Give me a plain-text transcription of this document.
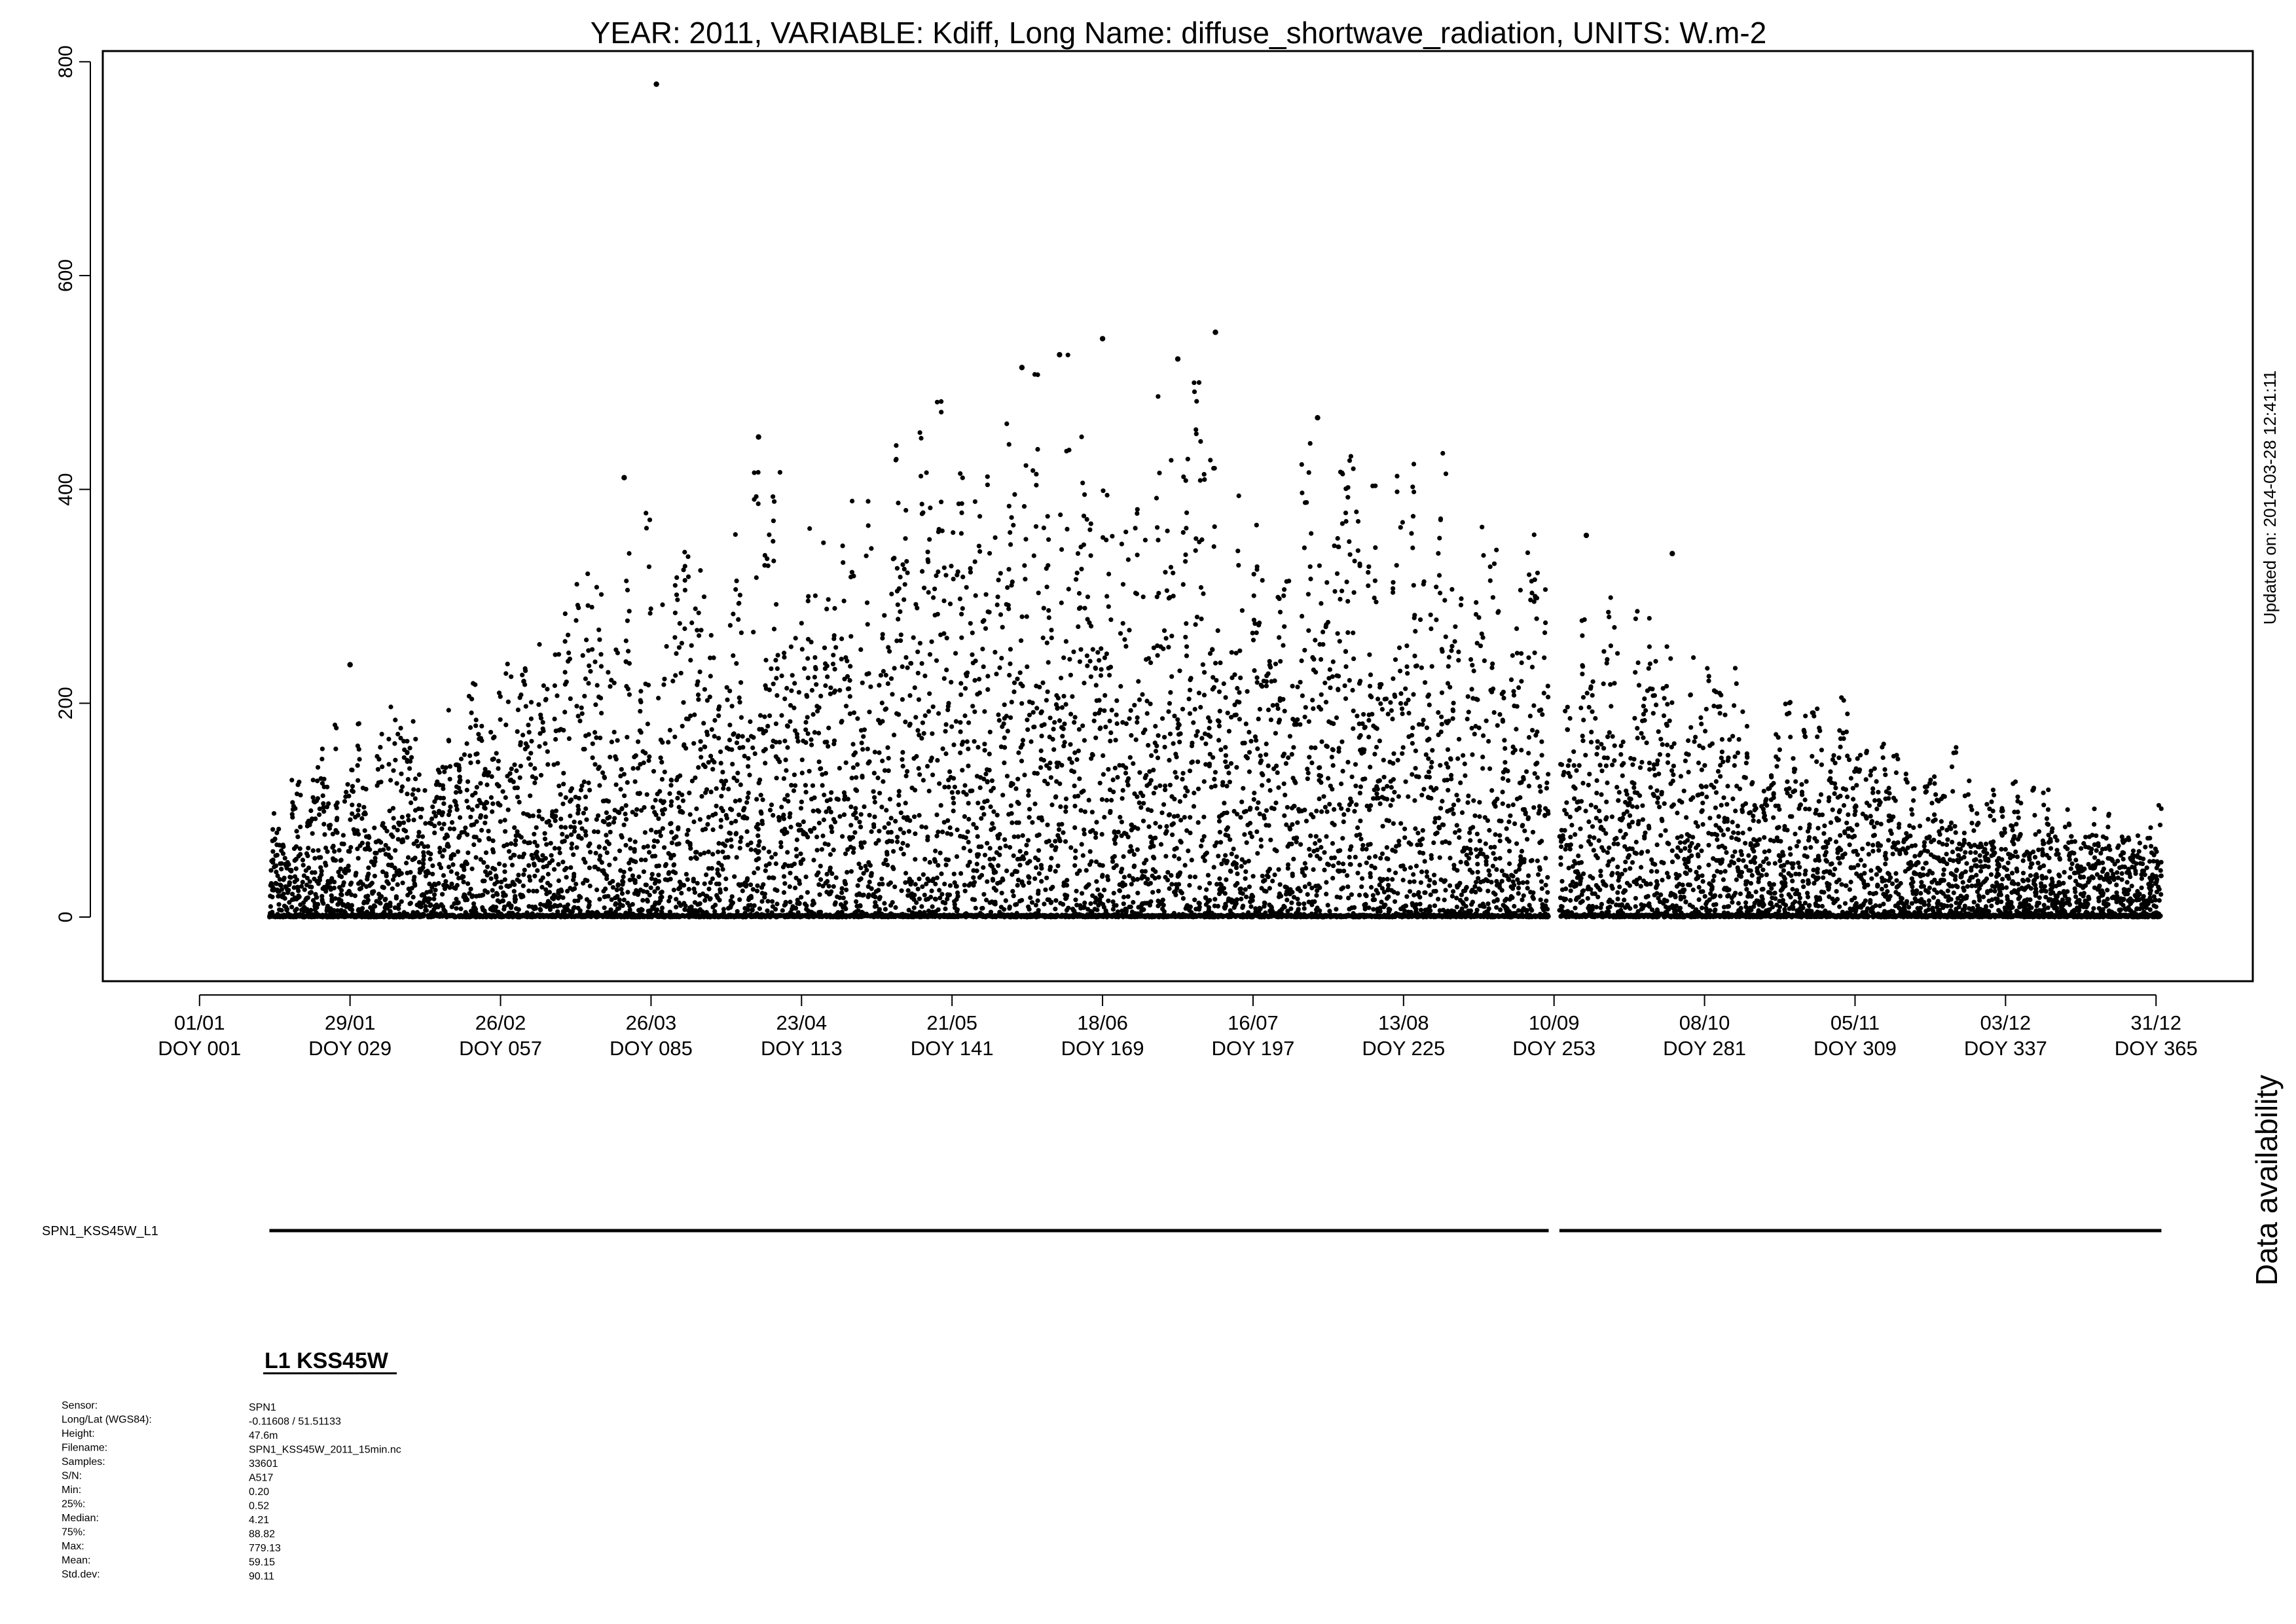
YEAR: 2011, VARIABLE: Kdiff, Long Name: diffuse_shortwave_radiation, UNITS: W.m-2
0
200
400
600
800
01/01
DOY 001
29/01
DOY 029
26/02
DOY 057
26/03
DOY 085
23/04
DOY 113
21/05
DOY 141
18/06
DOY 169
16/07
DOY 197
13/08
DOY 225
10/09
DOY 253
08/10
DOY 281
05/11
DOY 309
03/12
DOY 337
31/12
DOY 365
Updated on: 2014-03-28 12:41:11
Data availability
SPN1_KSS45W_L1
L1 KSS45W
Sensor:	SPN1
Long/Lat (WGS84):	-0.11608 / 51.51133
Height:	47.6m
Filename:	SPN1_KSS45W_2011_15min.nc
Samples:	33601
S/N:	A517
Min:	0.20
25%:	0.52
Median:	4.21
75%:	88.82
Max:	779.13
Mean:	59.15
Std.dev:	90.11
